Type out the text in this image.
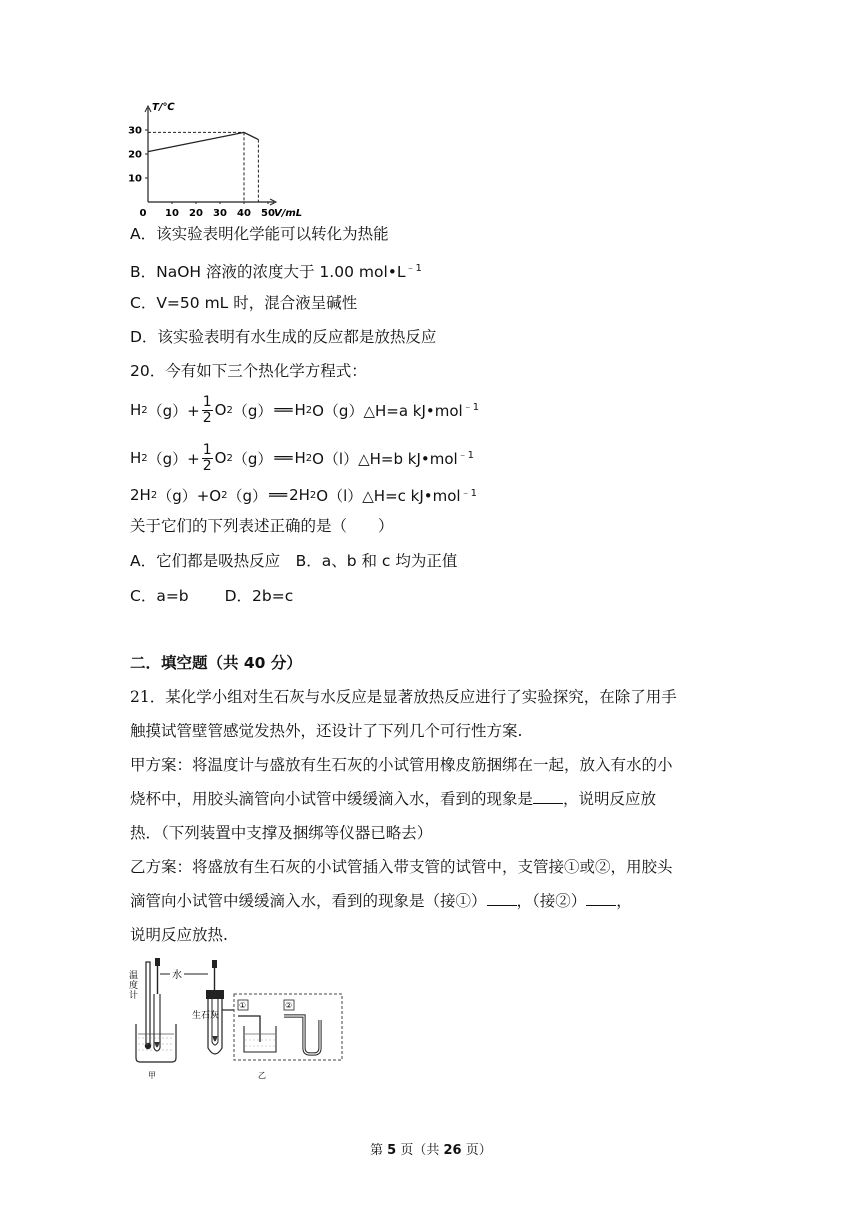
T/℃
10
20
30
0 10 20 30 40 50 V/mL
A．该实验表明化学能可以转化为热能
B．NaOH 溶液的浓度大于 1.00 $mol•L^{﹣1}$
C．V=50 mL 时，混合液呈碱性
D．该实验表明有水生成的反应都是放热反应
20．今有如下三个热化学方程式：
H 2 $(g)+ \frac{1}{2}$ O 2 （g） ══ H 2 O（g）△H=a kJ•mol$^{﹣1}$
H 2 $(g)+ \frac{1}{2}$ O 2 （g） ══ H 2 O（l）△H=b kJ•mol$^{﹣1}$
2H 2 （g）+O 2 （g） ══ 2H 2 O（l）△H=c kJ•mol$^{﹣1}$
关于它们的下列表述正确的是（　　）
A．它们都是吸热反应　B．a、b 和 c 均为正值
C．a=b　　 D．2b=c
二．填空题（共 40 分）
21．某化学小组对生石灰与水反应是显著放热反应进行了实验探究，在除了用手
触摸试管壁管感觉发热外，还设计了下列几个可行性方案.
甲方案：将温度计与盛放有生石灰的小试管用橡皮筋捆绑在一起，放入有水的小
烧杯中，用胶头滴管向小试管中缓缓滴入水，看到的现象是 ，说明反应放
热．（下列装置中支撑及捆绑等仪器已略去）
乙方案：将盛放有生石灰的小试管插入带支管的试管中，支管接①或②，用胶头
滴管向小试管中缓缓滴入水，看到的现象是（接①） ，（接②） ，
说明反应放热.
温度计	水
甲
生石灰
①	②
乙
第 5 页（共 26 页）
